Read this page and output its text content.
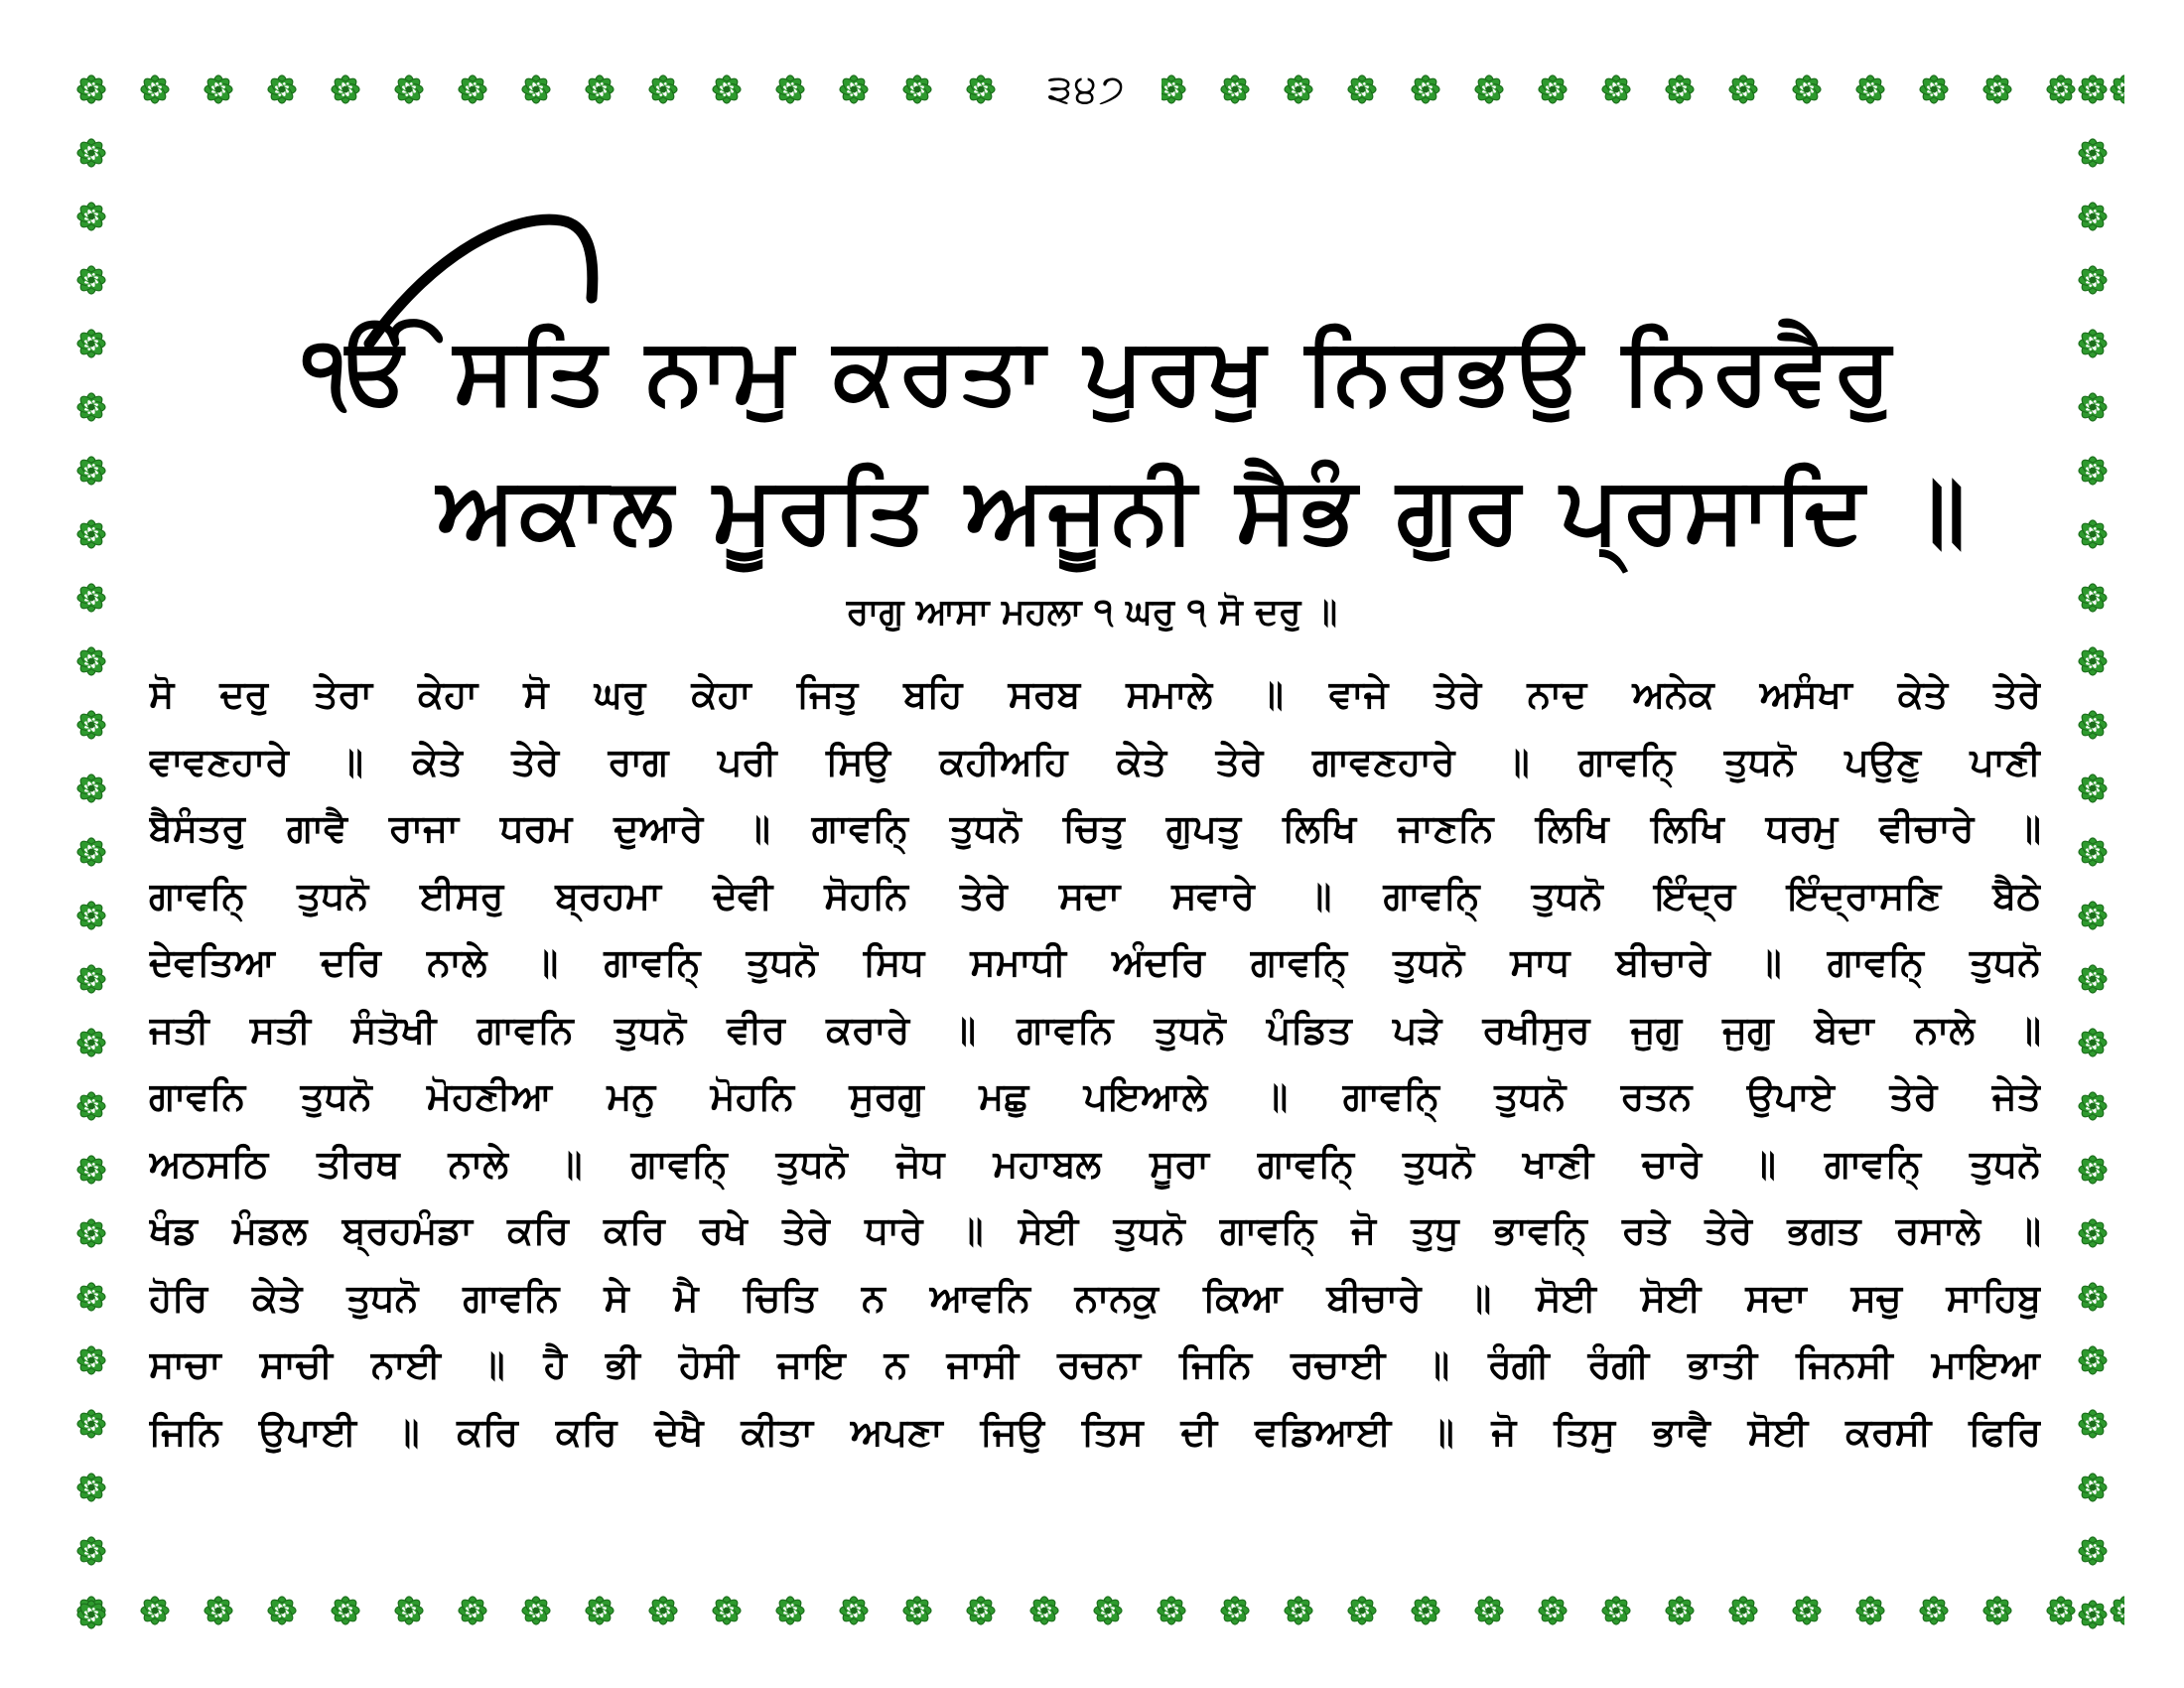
੩੪੭
ੴ ਸਤਿ ਨਾਮੁ ਕਰਤਾ ਪੁਰਖੁ ਨਿਰਭਉ ਨਿਰਵੈਰੁ
ਅਕਾਲ ਮੂਰਤਿ ਅਜੂਨੀ ਸੈਭੰ ਗੁਰ ਪ੍ਰਸਾਦਿ ॥
ਰਾਗੁ ਆਸਾ ਮਹਲਾ ੧ ਘਰੁ ੧ ਸੋ ਦਰੁ ॥
ਸੋ ਦਰੁ ਤੇਰਾ ਕੇਹਾ ਸੋ ਘਰੁ ਕੇਹਾ ਜਿਤੁ ਬਹਿ ਸਰਬ ਸਮਾਲੇ ॥ ਵਾਜੇ ਤੇਰੇ ਨਾਦ ਅਨੇਕ ਅਸੰਖਾ ਕੇਤੇ ਤੇਰੇ
ਵਾਵਣਹਾਰੇ ॥ ਕੇਤੇ ਤੇਰੇ ਰਾਗ ਪਰੀ ਸਿਉ ਕਹੀਅਹਿ ਕੇਤੇ ਤੇਰੇ ਗਾਵਣਹਾਰੇ ॥ ਗਾਵਨਿ੍ ਤੁਧਨੋ ਪਉਣੁ ਪਾਣੀ
ਬੈਸੰਤਰੁ ਗਾਵੈ ਰਾਜਾ ਧਰਮ ਦੁਆਰੇ ॥ ਗਾਵਨਿ੍ ਤੁਧਨੋ ਚਿਤੁ ਗੁਪਤੁ ਲਿਖਿ ਜਾਣਨਿ ਲਿਖਿ ਲਿਖਿ ਧਰਮੁ ਵੀਚਾਰੇ ॥
ਗਾਵਨਿ੍ ਤੁਧਨੋ ਈਸਰੁ ਬ੍ਰਹਮਾ ਦੇਵੀ ਸੋਹਨਿ ਤੇਰੇ ਸਦਾ ਸਵਾਰੇ ॥ ਗਾਵਨਿ੍ ਤੁਧਨੋ ਇੰਦ੍ਰ ਇੰਦ੍ਰਾਸਣਿ ਬੈਠੇ
ਦੇਵਤਿਆ ਦਰਿ ਨਾਲੇ ॥ ਗਾਵਨਿ੍ ਤੁਧਨੋ ਸਿਧ ਸਮਾਧੀ ਅੰਦਰਿ ਗਾਵਨਿ੍ ਤੁਧਨੋ ਸਾਧ ਬੀਚਾਰੇ ॥ ਗਾਵਨਿ੍ ਤੁਧਨੋ
ਜਤੀ ਸਤੀ ਸੰਤੋਖੀ ਗਾਵਨਿ ਤੁਧਨੋ ਵੀਰ ਕਰਾਰੇ ॥ ਗਾਵਨਿ ਤੁਧਨੋ ਪੰਡਿਤ ਪੜੇ ਰਖੀਸੁਰ ਜੁਗੁ ਜੁਗੁ ਬੇਦਾ ਨਾਲੇ ॥
ਗਾਵਨਿ ਤੁਧਨੋ ਮੋਹਣੀਆ ਮਨੁ ਮੋਹਨਿ ਸੁਰਗੁ ਮਛੁ ਪਇਆਲੇ ॥ ਗਾਵਨਿ੍ ਤੁਧਨੋ ਰਤਨ ਉਪਾਏ ਤੇਰੇ ਜੇਤੇ
ਅਠਸਠਿ ਤੀਰਥ ਨਾਲੇ ॥ ਗਾਵਨਿ੍ ਤੁਧਨੋ ਜੋਧ ਮਹਾਬਲ ਸੂਰਾ ਗਾਵਨਿ੍ ਤੁਧਨੋ ਖਾਣੀ ਚਾਰੇ ॥ ਗਾਵਨਿ੍ ਤੁਧਨੋ
ਖੰਡ ਮੰਡਲ ਬ੍ਰਹਮੰਡਾ ਕਰਿ ਕਰਿ ਰਖੇ ਤੇਰੇ ਧਾਰੇ ॥ ਸੇਈ ਤੁਧਨੋ ਗਾਵਨਿ੍ ਜੋ ਤੁਧੁ ਭਾਵਨਿ੍ ਰਤੇ ਤੇਰੇ ਭਗਤ ਰਸਾਲੇ ॥
ਹੋਰਿ ਕੇਤੇ ਤੁਧਨੋ ਗਾਵਨਿ ਸੇ ਮੈ ਚਿਤਿ ਨ ਆਵਨਿ ਨਾਨਕੁ ਕਿਆ ਬੀਚਾਰੇ ॥ ਸੋਈ ਸੋਈ ਸਦਾ ਸਚੁ ਸਾਹਿਬੁ
ਸਾਚਾ ਸਾਚੀ ਨਾਈ ॥ ਹੈ ਭੀ ਹੋਸੀ ਜਾਇ ਨ ਜਾਸੀ ਰਚਨਾ ਜਿਨਿ ਰਚਾਈ ॥ ਰੰਗੀ ਰੰਗੀ ਭਾਤੀ ਜਿਨਸੀ ਮਾਇਆ
ਜਿਨਿ ਉਪਾਈ ॥ ਕਰਿ ਕਰਿ ਦੇਖੈ ਕੀਤਾ ਅਪਣਾ ਜਿਉ ਤਿਸ ਦੀ ਵਡਿਆਈ ॥ ਜੋ ਤਿਸੁ ਭਾਵੈ ਸੋਈ ਕਰਸੀ ਫਿਰਿ
